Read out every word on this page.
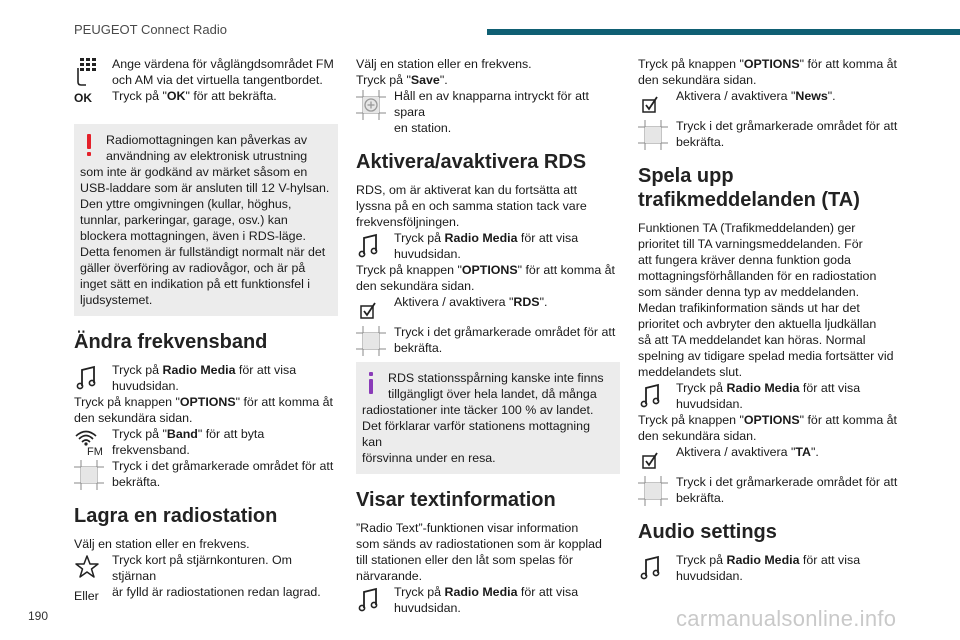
PEUGEOT Connect Radio
OK

Ange värdena för våglängdsområdet FM
och AM via det virtuella tangentbordet.
Tryck på "OK" för att bekräfta.

Radiomottagningen kan påverkas av

användning av elektronisk utrustning

som inte är godkänd av märket såsom en

USB-laddare som är ansluten till 12 V-hylsan.

Den yttre omgivningen (kullar, höghus,

tunnlar, parkeringar, garage, osv.) kan

blockera mottagningen, även i RDS-läge.

Detta fenomen är fullständigt normalt när det

gäller överföring av radiovågor, och är på

inget sätt en indikation på ett funktionsfel i

ljudsystemet.

Ändra frekvensband

Tryck på Radio Media för att visa
huvudsidan.

Tryck på knappen "OPTIONS" för att komma åt
den sekundära sidan.

FM

Tryck på "Band" för att byta
frekvensband.

Tryck i det gråmarkerade området för att
bekräfta.

Lagra en radiostation

Välj en station eller en frekvens.

Tryck kort på stjärnkonturen. Om stjärnan
är fylld är radiostationen redan lagrad.

Eller

Välj en station eller en frekvens.

Tryck på "Save".

Håll en av knapparna intryckt för att spara
en station.

Aktivera/avaktivera RDS

RDS, om är aktiverat kan du fortsätta att
lyssna på en och samma station tack vare
frekvensföljningen.

Tryck på Radio Media för att visa
huvudsidan.

Tryck på knappen "OPTIONS" för att komma åt
den sekundära sidan.

Aktivera / avaktivera "RDS".

Tryck i det gråmarkerade området för att
bekräfta.

RDS stationsspårning kanske inte finns

tillgängligt över hela landet, då många

radiostationer inte täcker 100 % av landet.

Det förklarar varför stationens mottagning kan

försvinna under en resa.

Visar textinformation

”Radio Text”-funktionen visar information
som sänds av radiostationen som är kopplad
till stationen eller den låt som spelas för
närvarande.

Tryck på Radio Media för att visa
huvudsidan.

Tryck på knappen "OPTIONS" för att komma åt
den sekundära sidan.

Aktivera / avaktivera "News".

Tryck i det gråmarkerade området för att
bekräfta.

Spela upp
trafikmeddelanden (TA)

Funktionen TA (Trafikmeddelanden) ger
prioritet till TA varningsmeddelanden. För
att fungera kräver denna funktion goda
mottagningsförhållanden för en radiostation
som sänder denna typ av meddelanden.
Medan trafikinformation sänds ut har det
prioritet och avbryter den aktuella ljudkällan
så att TA meddelandet kan höras. Normal
spelning av tidigare spelad media fortsätter vid
meddelandets slut.

Tryck på Radio Media för att visa
huvudsidan.

Tryck på knappen "OPTIONS" för att komma åt
den sekundära sidan.

Aktivera / avaktivera "TA".

Tryck i det gråmarkerade området för att
bekräfta.

Audio settings

Tryck på Radio Media för att visa
huvudsidan.

190	carmanualsonline.info
